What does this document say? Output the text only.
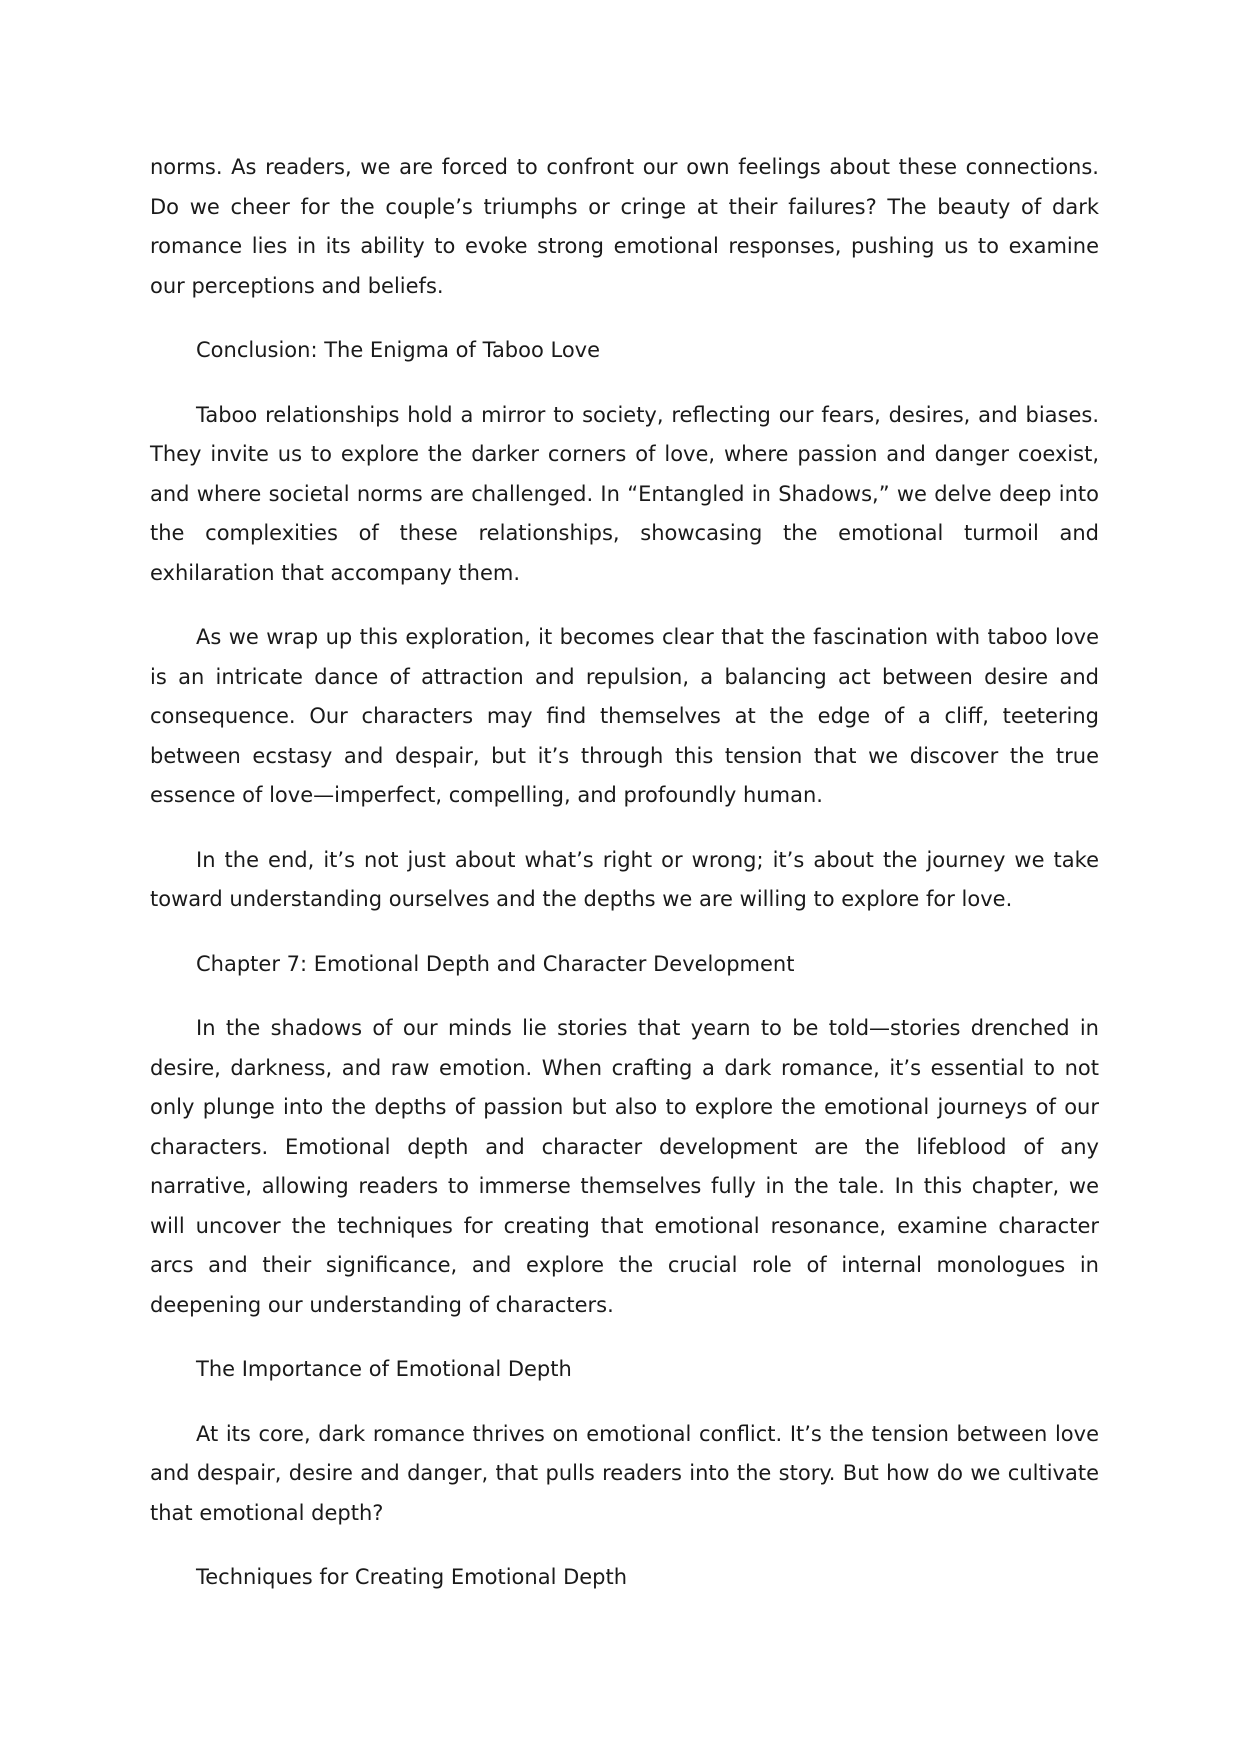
norms. As readers, we are forced to confront our own feelings about these connections. Do we cheer for the couple’s triumphs or cringe at their failures? The beauty of dark romance lies in its ability to evoke strong emotional responses, pushing us to examine our perceptions and beliefs.

Conclusion: The Enigma of Taboo Love

Taboo relationships hold a mirror to society, reflecting our fears, desires, and biases. They invite us to explore the darker corners of love, where passion and danger coexist, and where societal norms are challenged. In “Entangled in Shadows,” we delve deep into the complexities of these relationships, showcasing the emotional turmoil and exhilaration that accompany them.

As we wrap up this exploration, it becomes clear that the fascination with taboo love is an intricate dance of attraction and repulsion, a balancing act between desire and consequence. Our characters may find themselves at the edge of a cliff, teetering between ecstasy and despair, but it’s through this tension that we discover the true essence of love—imperfect, compelling, and profoundly human.

In the end, it’s not just about what’s right or wrong; it’s about the journey we take toward understanding ourselves and the depths we are willing to explore for love.

Chapter 7: Emotional Depth and Character Development

In the shadows of our minds lie stories that yearn to be told—stories drenched in desire, darkness, and raw emotion. When crafting a dark romance, it’s essential to not only plunge into the depths of passion but also to explore the emotional journeys of our characters. Emotional depth and character development are the lifeblood of any narrative, allowing readers to immerse themselves fully in the tale. In this chapter, we will uncover the techniques for creating that emotional resonance, examine character arcs and their significance, and explore the crucial role of internal monologues in deepening our understanding of characters.

The Importance of Emotional Depth

At its core, dark romance thrives on emotional conflict. It’s the tension between love and despair, desire and danger, that pulls readers into the story. But how do we cultivate that emotional depth?

Techniques for Creating Emotional Depth
